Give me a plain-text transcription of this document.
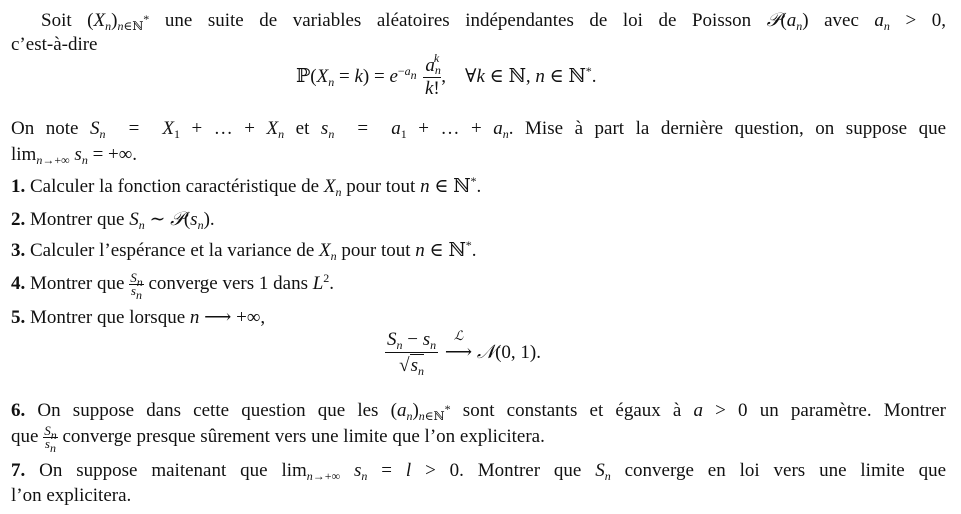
Soit $(X_n)_{n\in ℕ^*}$ une suite de variables aléatoires indépendantes de loi de Poisson $𝒫(a_n)$ avec $a_n > 0$,
c’est-à-dire
$ℙ(X_n = k) = e^{-a_n} \frac{a_n^k}{k!}$ ,    ∀k ∈ ℕ, n ∈ ℕ*.
On note $S_n = X_1$ + … + $X_n$ et $s_n = a_1$ + … + $a_n$. Mise à part la dernière question, on suppose que
$\lim_{n\to+\infty} s_n$ = +∞.
1. Calculer la fonction caractéristique de $X_n$ pour tout n ∈ ℕ*.
2. Montrer que $S_n$ ∼ $𝒫(s_n)$.
3. Calculer l’espérance et la variance de $X_n$ pour tout n ∈ ℕ*.
4. Montrer que $\frac{S_n}{s_n}$ converge vers 1 dans $L^2$.
5. Montrer que lorsque n ⟶ +∞,
$\frac{S_n - s_n}{√s_n}$
	ℒ
⟶ 𝒩(0, 1).
6. On suppose dans cette question que les $(a_n)_{n\in ℕ^*}$ sont constants et égaux à a > 0 un paramètre. Montrer
que $\frac{S_n}{s_n}$ converge presque sûrement vers une limite que l’on explicitera.
7. On suppose maitenant que $\lim_{n\to+\infty} s_n = l > 0$. Montrer que $S_n$ converge en loi vers une limite que
l’on explicitera.
